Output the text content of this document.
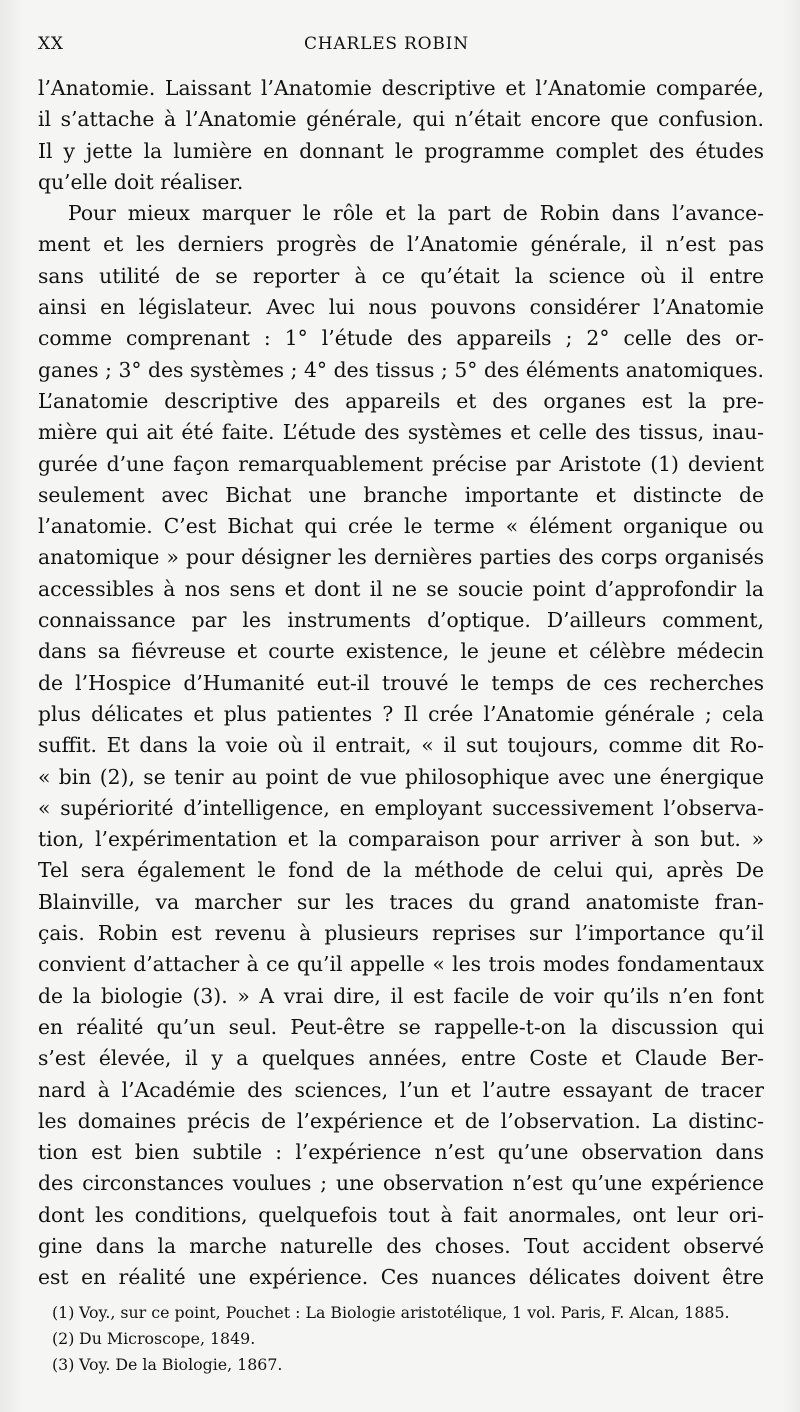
XX	CHARLES ROBIN
l’Anatomie. Laissant l’Anatomie descriptive et l’Anatomie comparée,
il s’attache à l’Anatomie générale, qui n’était encore que confusion.
Il y jette la lumière en donnant le programme complet des études
qu’elle doit réaliser.
Pour mieux marquer le rôle et la part de Robin dans l’avance-
ment et les derniers progrès de l’Anatomie générale, il n’est pas
sans utilité de se reporter à ce qu’était la science où il entre
ainsi en législateur. Avec lui nous pouvons considérer l’Anatomie
comme comprenant : 1° l’étude des appareils ; 2° celle des or-
ganes ; 3° des systèmes ; 4° des tissus ; 5° des éléments anatomiques.
L’anatomie descriptive des appareils et des organes est la pre-
mière qui ait été faite. L’étude des systèmes et celle des tissus, inau-
gurée d’une façon remarquablement précise par Aristote (1) devient
seulement avec Bichat une branche importante et distincte de
l’anatomie. C’est Bichat qui crée le terme « élément organique ou
anatomique » pour désigner les dernières parties des corps organisés
accessibles à nos sens et dont il ne se soucie point d’approfondir la
connaissance par les instruments d’optique. D’ailleurs comment,
dans sa fiévreuse et courte existence, le jeune et célèbre médecin
de l’Hospice d’Humanité eut-il trouvé le temps de ces recherches
plus délicates et plus patientes ? Il crée l’Anatomie générale ; cela
suffit. Et dans la voie où il entrait, « il sut toujours, comme dit Ro-
« bin (2), se tenir au point de vue philosophique avec une énergique
« supériorité d’intelligence, en employant successivement l’observa-
tion, l’expérimentation et la comparaison pour arriver à son but. »
Tel sera également le fond de la méthode de celui qui, après De
Blainville, va marcher sur les traces du grand anatomiste fran-
çais. Robin est revenu à plusieurs reprises sur l’importance qu’il
convient d’attacher à ce qu’il appelle « les trois modes fondamentaux
de la biologie (3). » A vrai dire, il est facile de voir qu’ils n’en font
en réalité qu’un seul. Peut-être se rappelle-t-on la discussion qui
s’est élevée, il y a quelques années, entre Coste et Claude Ber-
nard à l’Académie des sciences, l’un et l’autre essayant de tracer
les domaines précis de l’expérience et de l’observation. La distinc-
tion est bien subtile : l’expérience n’est qu’une observation dans
des circonstances voulues ; une observation n’est qu’une expérience
dont les conditions, quelquefois tout à fait anormales, ont leur ori-
gine dans la marche naturelle des choses. Tout accident observé
est en réalité une expérience. Ces nuances délicates doivent être
(1) Voy., sur ce point, Pouchet : La Biologie aristotélique, 1 vol. Paris, F. Alcan, 1885.
(2) Du Microscope, 1849.
(3) Voy. De la Biologie, 1867.
